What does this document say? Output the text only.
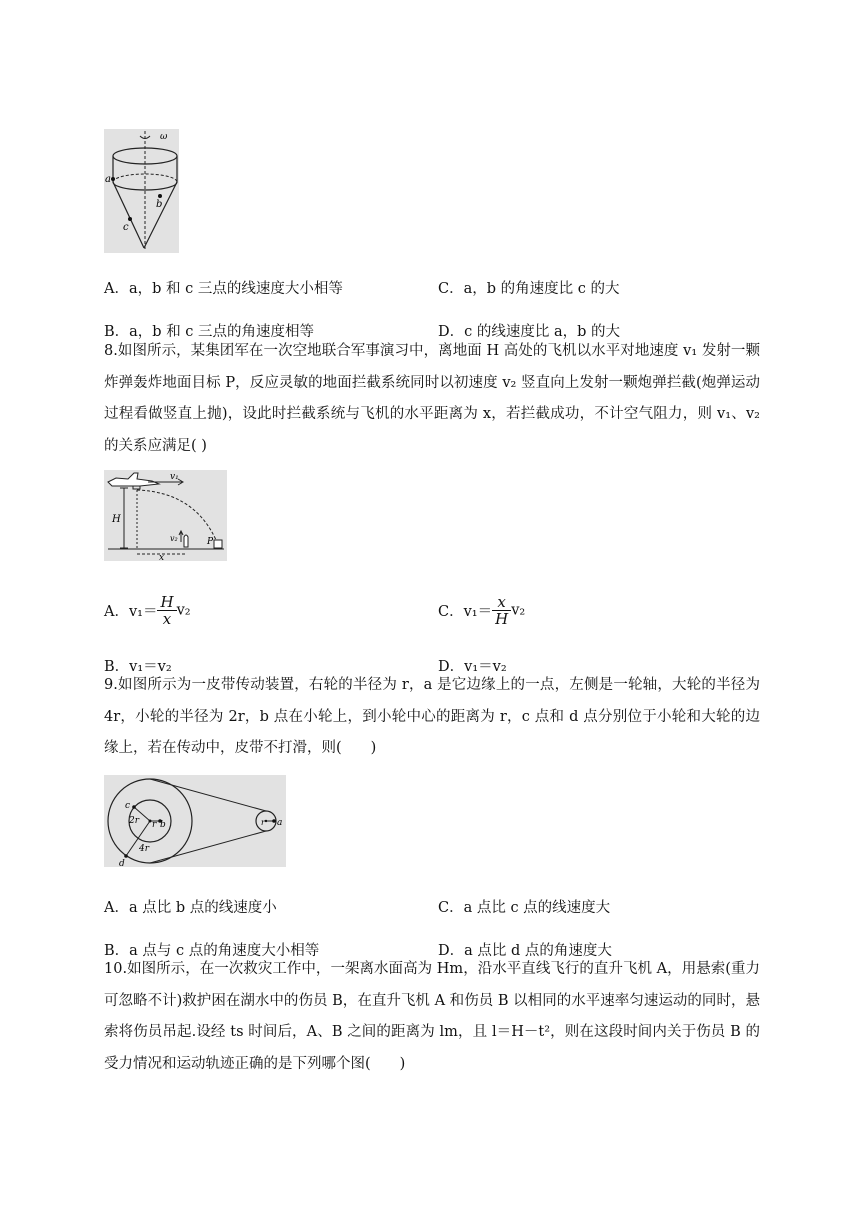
ω
a
b
c
A．a，b 和 c 三点的线速度大小相等	C．a，b 的角速度比 c 的大
B．a，b 和 c 三点的角速度相等	D．c 的线速度比 a，b 的大
8.如图所示，某集团军在一次空地联合军事演习中，离地面 H 高处的飞机以水平对地速度 v₁ 发射一颗炸弹轰炸地面目标 P，反应灵敏的地面拦截系统同时以初速度 v₂ 竖直向上发射一颗炮弹拦截(炮弹运动过程看做竖直上抛)，设此时拦截系统与飞机的水平距离为 x，若拦截成功，不计空气阻力，则 v₁、v₂ 的关系应满足( )
v₁
H
v₂	P
x
A．$v_1= \frac{H}{x} v_2$	C．$v_1= \frac{x}{H} v_2$
B．v₁＝v₂	D．v₁＝v₂
9.如图所示为一皮带传动装置，右轮的半径为 r，a 是它边缘上的一点，左侧是一轮轴，大轮的半径为 4r，小轮的半径为 2r，b 点在小轮上，到小轮中心的距离为 r，c 点和 d 点分别位于小轮和大轮的边缘上，若在传动中，皮带不打滑，则(　　)
c
2r r b
4r
d
r a
A．a 点比 b 点的线速度小	C．a 点比 c 点的线速度大
B．a 点与 c 点的角速度大小相等	D．a 点比 d 点的角速度大
10.如图所示，在一次救灾工作中，一架离水面高为 Hm，沿水平直线飞行的直升飞机 A，用悬索(重力可忽略不计)救护困在湖水中的伤员 B，在直升飞机 A 和伤员 B 以相同的水平速率匀速运动的同时，悬索将伤员吊起.设经 ts 时间后，A、B 之间的距离为 lm，且 l＝H－t²，则在这段时间内关于伤员 B 的受力情况和运动轨迹正确的是下列哪个图(　　)
